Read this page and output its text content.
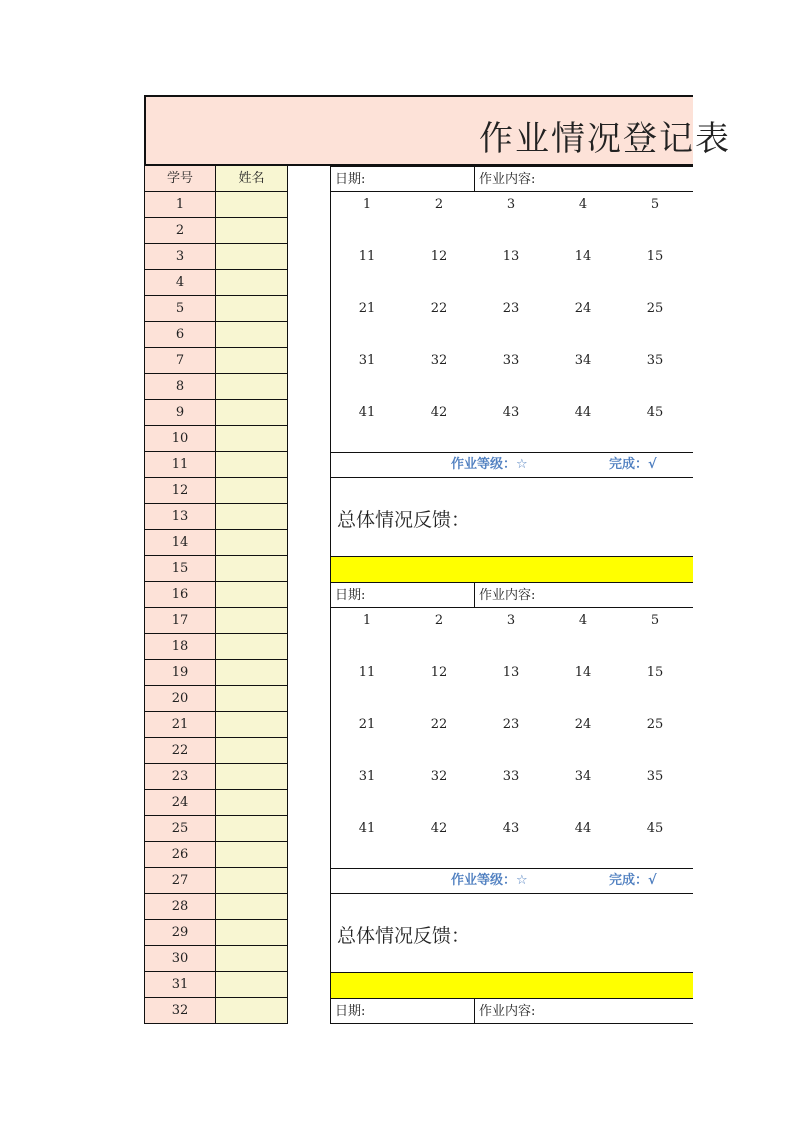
作业情况登记表
学号	姓名
1
2
3
4
5
6
7
8
9
10
11
12
13
14
15
16
17
18
19
20
21
22
23
24
25
26
27
28
29
30
31
32
日期:	作业内容:
1	2	3	4	5
11	12	13	14	15
21	22	23	24	25
31	32	33	34	35
41	42	43	44	45
作业等级：☆	完成：√
总体情况反馈：
日期:	作业内容:
1	2	3	4	5
11	12	13	14	15
21	22	23	24	25
31	32	33	34	35
41	42	43	44	45
作业等级：☆	完成：√
总体情况反馈：
日期:	作业内容:
